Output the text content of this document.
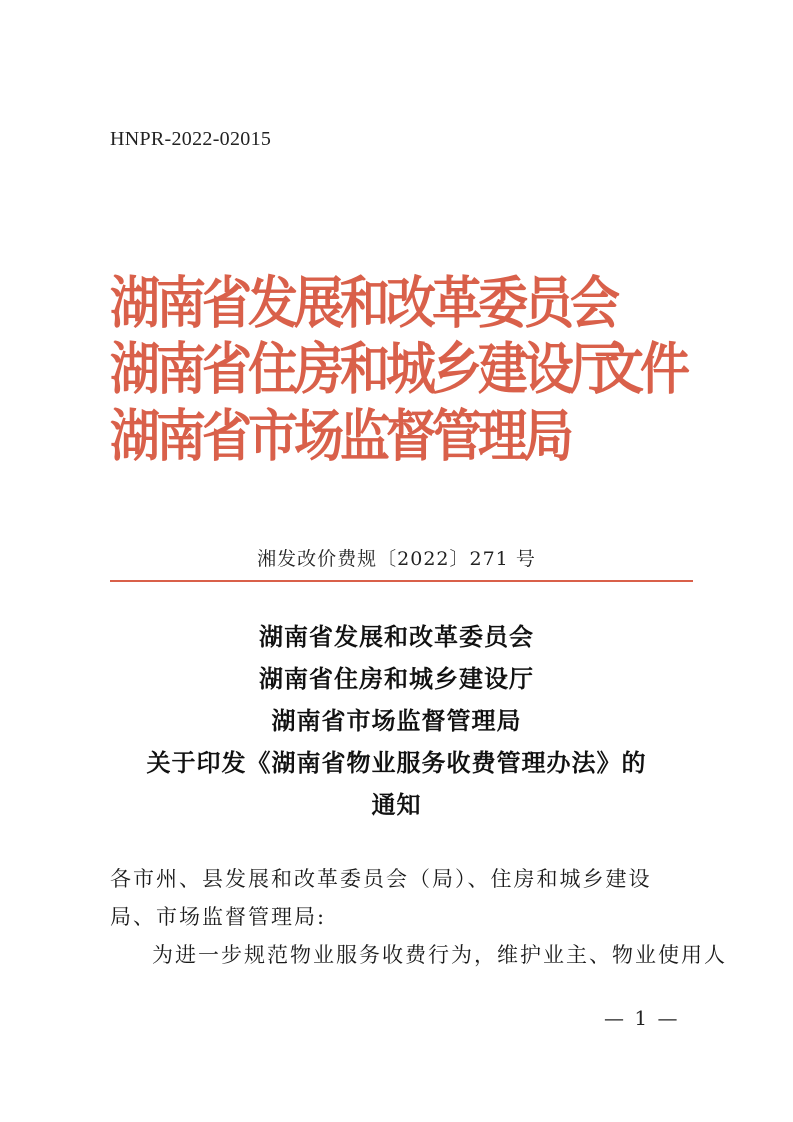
HNPR-2022-02015
湖南省发展和改革委员会
湖南省住房和城乡建设厅
湖南省市场监督管理局
文件
湘发改价费规〔2022〕271 号
湖南省发展和改革委员会
湖南省住房和城乡建设厅
湖南省市场监督管理局
关于印发《湖南省物业服务收费管理办法》的
通知
各市州、县发展和改革委员会（局）、住房和城乡建设局、市场监督管理局:
为进一步规范物业服务收费行为，维护业主、物业使用人
— 1 —
